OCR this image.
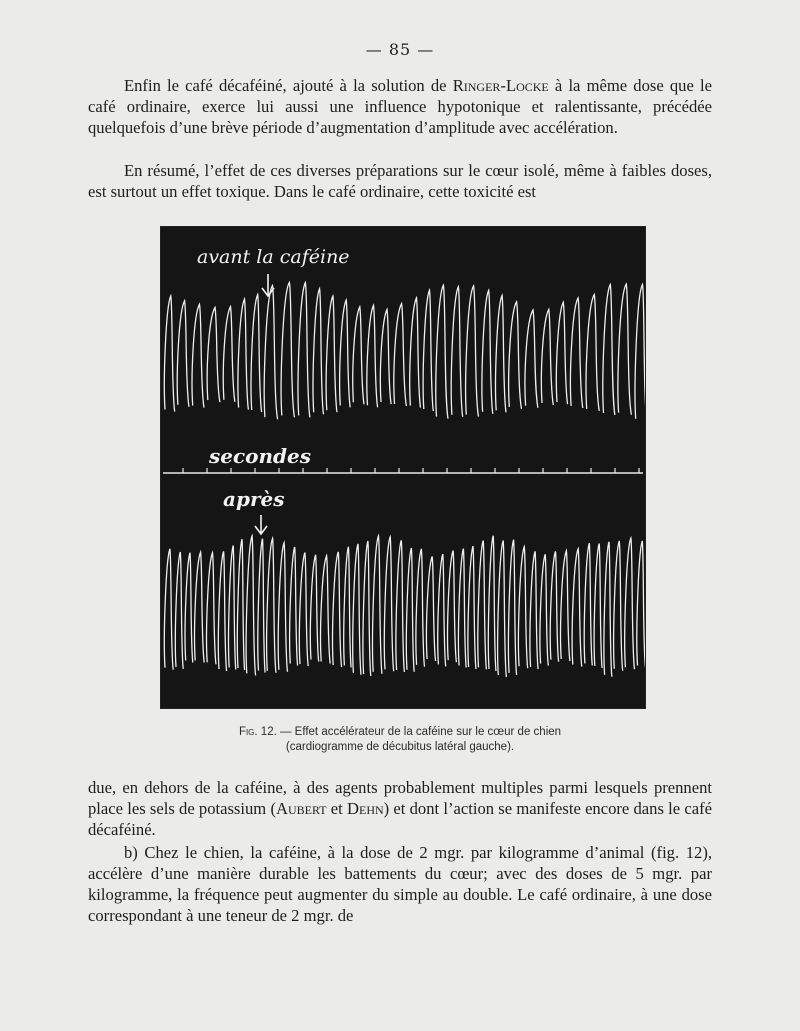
— 85 —

Enfin le café décaféiné, ajouté à la solution de Ringer-Locke à la même dose que le café ordinaire, exerce lui aussi une influence hypotonique et ralentissante, précédée quelquefois d’une brève période d’augmentation d’amplitude avec accélération.

En résumé, l’effet de ces diverses préparations sur le cœur isolé, même à faibles doses, est surtout un effet toxique. Dans le café ordinaire, cette toxicité est

avant la caféine
secondes
après
Fig. 12. — Effet accélérateur de la caféine sur le cœur de chien
(cardiogramme de décubitus latéral gauche).

due, en dehors de la caféine, à des agents probablement multiples parmi lesquels prennent place les sels de potassium (Aubert et Dehn) et dont l’action se manifeste encore dans le café décaféiné.

b) Chez le chien, la caféine, à la dose de 2 mgr. par kilogramme d’animal (fig. 12), accélère d’une manière durable les battements du cœur; avec des doses de 5 mgr. par kilogramme, la fréquence peut augmenter du simple au double. Le café ordinaire, à une dose correspondant à une teneur de 2 mgr. de
